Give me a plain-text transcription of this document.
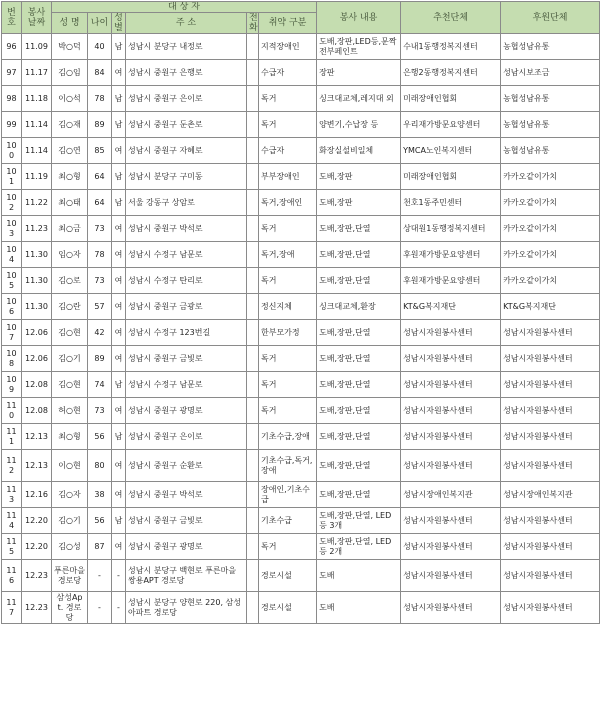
번호	봉사 날짜	대 상 자						봉사 내용	추천단체	후원단체
		성 명	나이	성별	주 소	전화	취약 구분			
96	11.09	박○덕	40	남	성남시 분당구 내정로		지적장애인	도배,장판,LED등,문짝 전부페인트	수내1동행정복지센터	농협성남유통
97	11.17	김○임	84	여	성남시 중원구 은행로		수급자	장판	은행2동행정복지센터	성남시보조금
98	11.18	이○석	78	남	성남시 중원구 은이로		독거	싱크대교체,레지대 외	미래장애인협회	농협성남유통
99	11.14	김○재	89	남	성남시 중원구 둔촌로		독거	양변기,수납장 등	우리재가방문요양센터	농협성남유통
100	11.14	김○연	85	여	성남시 중원구 자혜로		수급자	화장실설비일체	YMCA노인복지센터	농협성남유통
101	11.19	최○형	64	남	성남시 분당구 구미동		부부장애인	도배,장판	미래장애인협회	카카오같이가치
102	11.22	최○태	64	남	서울 강동구 상암로		독거,장애인	도배,장판	천호1동주민센터	카카오같이가치
103	11.23	최○금	73	여	성남시 중원구 박석로		독거	도배,장판,단열	상대원1동행정복지센터	카카오같이가치
104	11.30	임○자	78	여	성남시 수정구 남문로		독거,장애	도배,장판,단열	후원재가방문요양센터	카카오같이가치
105	11.30	김○로	73	여	성남시 수정구 탄리로		독거	도배,장판,단열	후원재가방문요양센터	카카오같이가치
106	11.30	김○란	57	여	성남시 중원구 금광로		정신지체	싱크대교체,환장	KT&G복지재단	KT&G복지재단
107	12.06	김○현	42	여	성남시 수정구 123번길		한부모가정	도배,장판,단열	성남시자원봉사센터	성남시자원봉사센터
108	12.06	김○기	89	여	성남시 중원구 금빛로		독거	도배,장판,단열	성남시자원봉사센터	성남시자원봉사센터
109	12.08	김○현	74	남	성남시 수정구 남문로		독거	도배,장판,단열	성남시자원봉사센터	성남시자원봉사센터
110	12.08	허○현	73	여	성남시 중원구 광명로		독거	도배,장판,단열	성남시자원봉사센터	성남시자원봉사센터
111	12.13	최○형	56	남	성남시 중원구 은이로		기초수급,장애	도배,장판,단열	성남시자원봉사센터	성남시자원봉사센터
112	12.13	이○현	80	여	성남시 중원구 순환로		기초수급,독거,장애	도배,장판,단열	성남시자원봉사센터	성남시자원봉사센터
113	12.16	김○자	38	여	성남시 중원구 박석로		장애인,기초수급	도배,장판,단열	성남시장애인복지관	성남시장애인복지관
114	12.20	김○기	56	남	성남시 중원구 금빛로		기초수급	도배,장판,단열, LED등 3개	성남시자원봉사센터	성남시자원봉사센터
115	12.20	김○성	87	여	성남시 중원구 광명로		독거	도배,장판,단열, LED등 2개	성남시자원봉사센터	성남시자원봉사센터
116	12.23	푸른마을 경로당	-	-	성남시 분당구 백현로 푸른마을 쌍용APT 경로당		경로시설	도배	성남시자원봉사센터	성남시자원봉사센터
117	12.23	삼성Apt. 경로당	-	-	성남시 분당구 양현로 220, 삼성아파트 경로당		경로시설	도배	성남시자원봉사센터	성남시자원봉사센터
